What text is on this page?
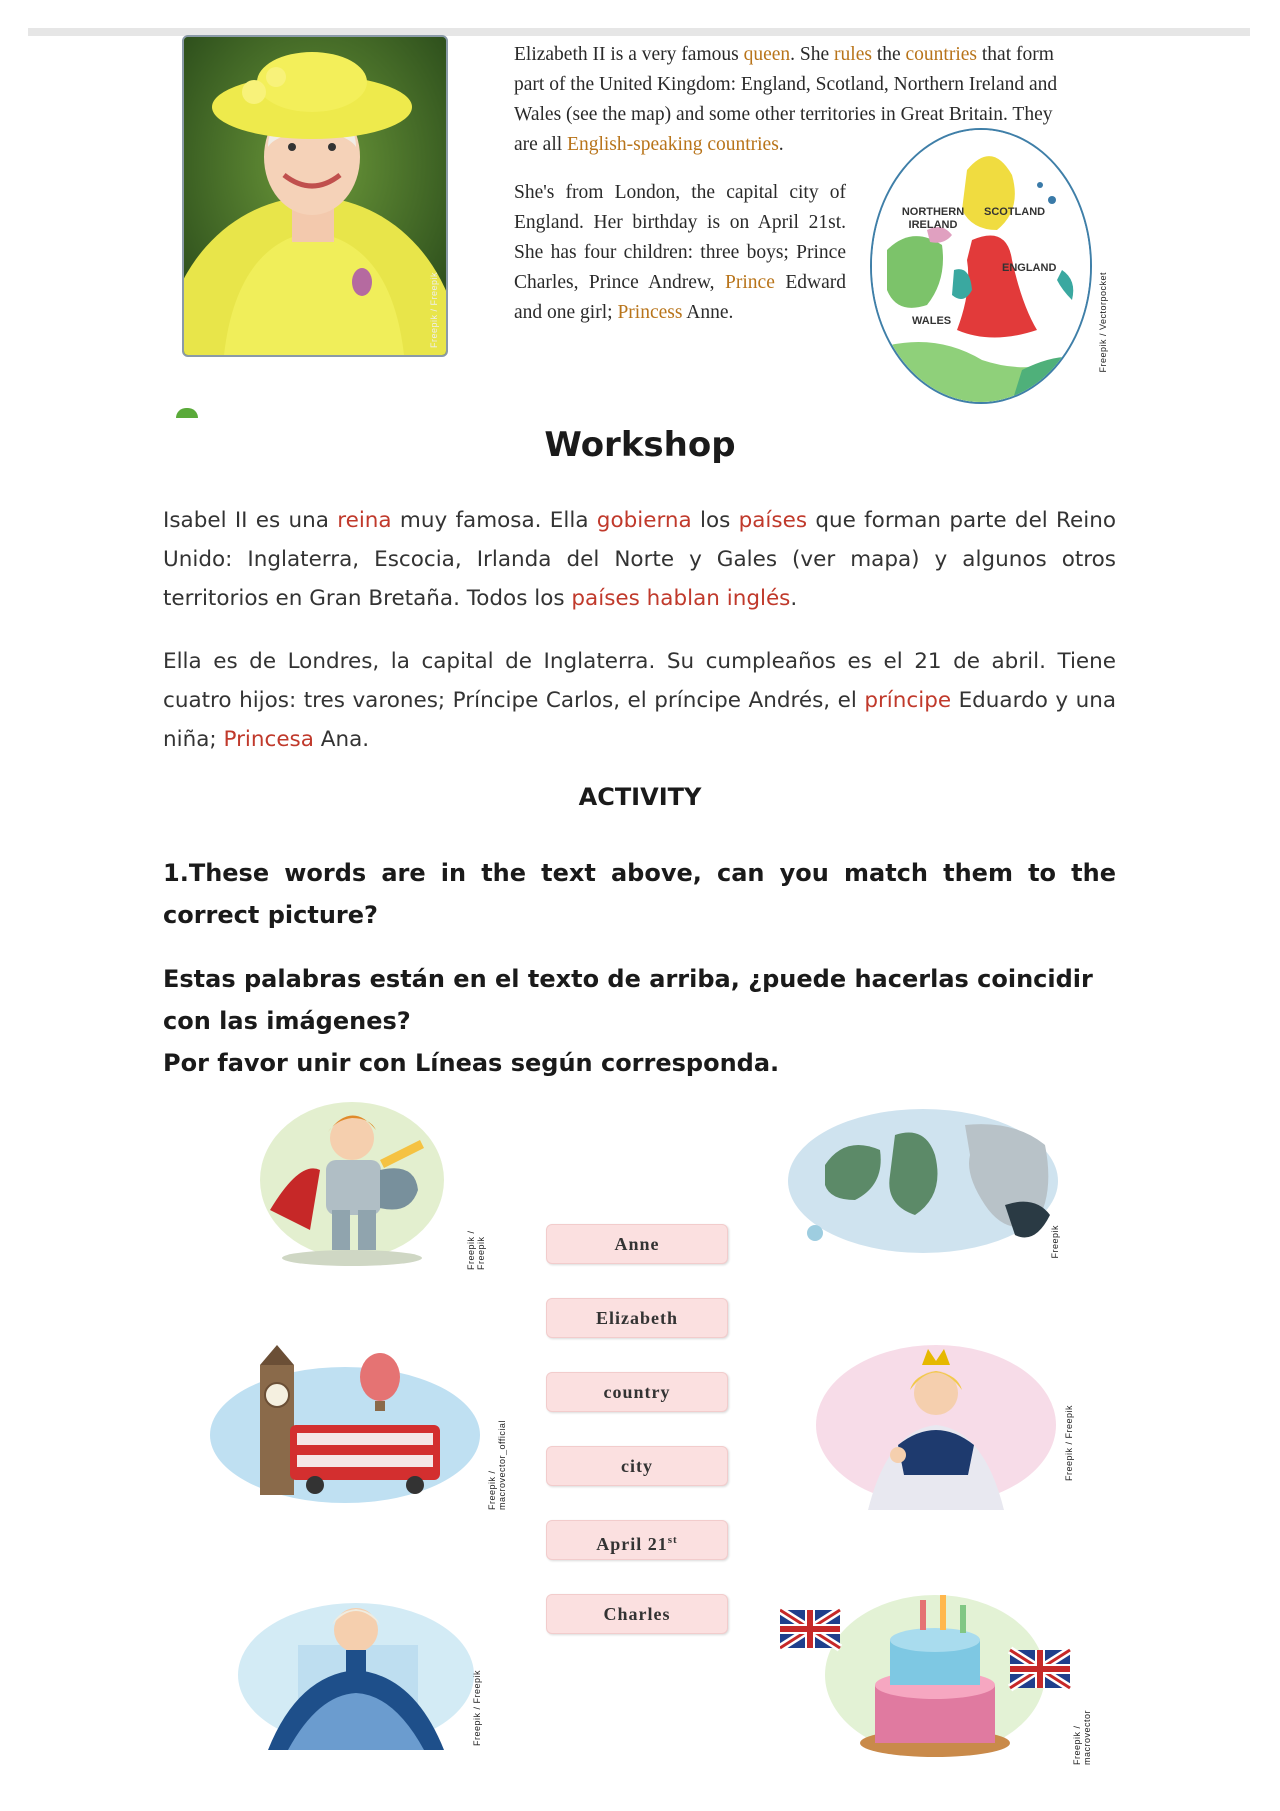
Freepik / Freepik

Elizabeth II is a very famous queen. She rules the countries that form part of the United Kingdom: England, Scotland, Northern Ireland and Wales (see the map) and some other territories in Great Britain. They are all English-speaking countries.

She's from London, the capital city of England. Her birthday is on April 21st. She has four children: three boys; Prince Charles, Prince Andrew, Prince Edward and one girl; Princess Anne.

NORTHERN IRELAND
SCOTLAND
ENGLAND
WALES	Freepik / Vectorpocket
Workshop
Isabel II es una reina muy famosa. Ella gobierna los países que forman parte del Reino Unido: Inglaterra, Escocia, Irlanda del Norte y Gales (ver mapa) y algunos otros territorios en Gran Bretaña. Todos los países hablan inglés.
Ella es de Londres, la capital de Inglaterra. Su cumpleaños es el 21 de abril. Tiene cuatro hijos: tres varones; Príncipe Carlos, el príncipe Andrés, el príncipe Eduardo y una niña; Princesa Ana.
ACTIVITY
1.These words are in the text above, can you match them to the correct picture?
Estas palabras están en el texto de arriba, ¿puede hacerlas coincidir con las imágenes?
Por favor unir con Líneas según corresponda.
Anne
Elizabeth
country
city
April 21st
Charles
Freepik / Freepik	Freepik
Freepik / macrovector_official	Freepik / Freepik
Freepik / Freepik	Freepik / macrovector
